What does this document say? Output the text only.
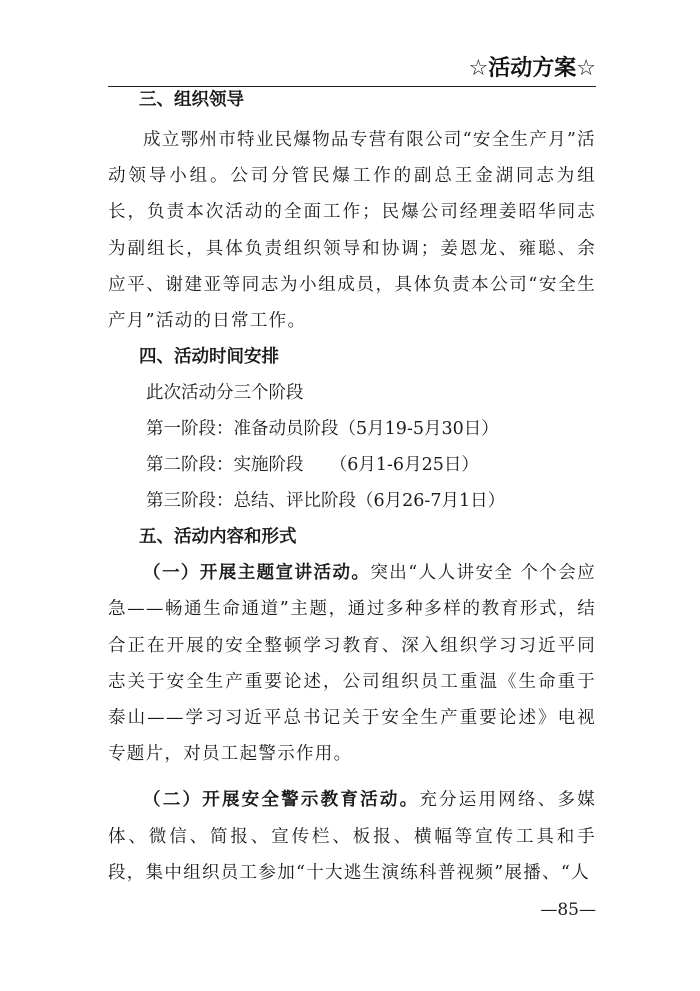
☆活动方案☆
三、组织领导

成立鄂州市特业民爆物品专营有限公司“安全生产月”活动领导小组。公司分管民爆工作的副总王金湖同志为组长，负责本次活动的全面工作；民爆公司经理姜昭华同志为副组长，具体负责组织领导和协调；姜恩龙、雍聪、余应平、谢建亚等同志为小组成员，具体负责本公司“安全生产月”活动的日常工作。

四、活动时间安排
此次活动分三个阶段
第一阶段：准备动员阶段（5月19-5月30日）
第二阶段：实施阶段　　（6月1-6月25日）
第三阶段：总结、评比阶段（6月26-7月1日）
五、活动内容和形式

（一）开展主题宣讲活动。突出“人人讲安全 个个会应急——畅通生命通道”主题，通过多种多样的教育形式，结合正在开展的安全整顿学习教育、深入组织学习习近平同志关于安全生产重要论述，公司组织员工重温《生命重于泰山——学习习近平总书记关于安全生产重要论述》电视专题片，对员工起警示作用。

（二）开展安全警示教育活动。充分运用网络、多媒体、微信、简报、宣传栏、板报、横幅等宣传工具和手段，集中组织员工参加“十大逃生演练科普视频”展播、“人

—85—
